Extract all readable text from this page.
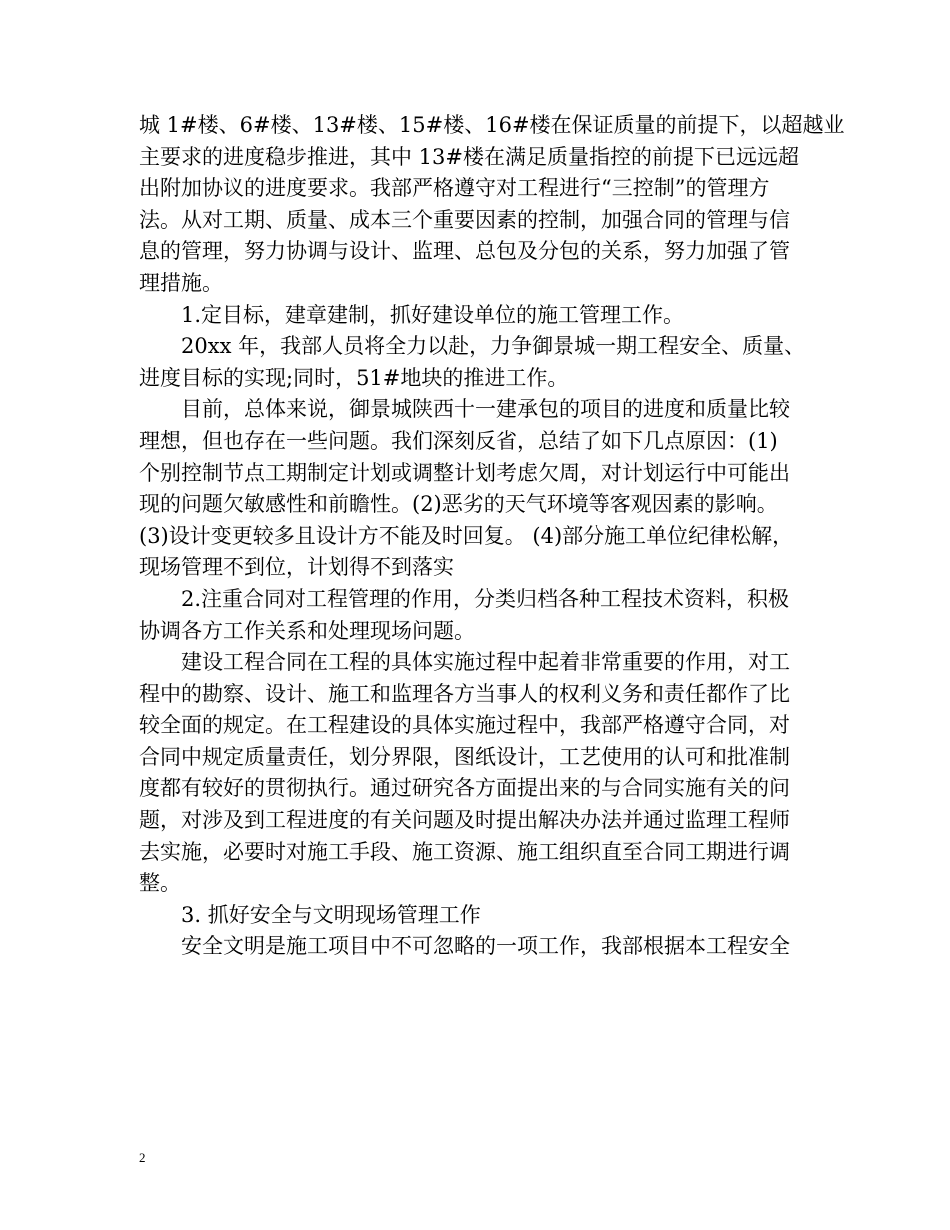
城 1#楼、6#楼、13#楼、15#楼、16#楼在保证质量的前提下，以超越业
主要求的进度稳步推进，其中 13#楼在满足质量指控的前提下已远远超
出附加协议的进度要求。我部严格遵守对工程进行“三控制”的管理方
法。从对工期、质量、成本三个重要因素的控制，加强合同的管理与信
息的管理，努力协调与设计、监理、总包及分包的关系，努力加强了管
理措施。
1.定目标，建章建制，抓好建设单位的施工管理工作。
20xx 年，我部人员将全力以赴，力争御景城一期工程安全、质量、
进度目标的实现;同时，51#地块的推进工作。
目前，总体来说，御景城陕西十一建承包的项目的进度和质量比较
理想，但也存在一些问题。我们深刻反省，总结了如下几点原因：(1)
个别控制节点工期制定计划或调整计划考虑欠周，对计划运行中可能出
现的问题欠敏感性和前瞻性。(2)恶劣的天气环境等客观因素的影响。
(3)设计变更较多且设计方不能及时回复。 (4)部分施工单位纪律松解，
现场管理不到位，计划得不到落实
2.注重合同对工程管理的作用，分类归档各种工程技术资料，积极
协调各方工作关系和处理现场问题。
建设工程合同在工程的具体实施过程中起着非常重要的作用，对工
程中的勘察、设计、施工和监理各方当事人的权利义务和责任都作了比
较全面的规定。在工程建设的具体实施过程中，我部严格遵守合同，对
合同中规定质量责任，划分界限，图纸设计，工艺使用的认可和批准制
度都有较好的贯彻执行。通过研究各方面提出来的与合同实施有关的问
题，对涉及到工程进度的有关问题及时提出解决办法并通过监理工程师
去实施，必要时对施工手段、施工资源、施工组织直至合同工期进行调
整。
3. 抓好安全与文明现场管理工作
安全文明是施工项目中不可忽略的一项工作，我部根据本工程安全
2
